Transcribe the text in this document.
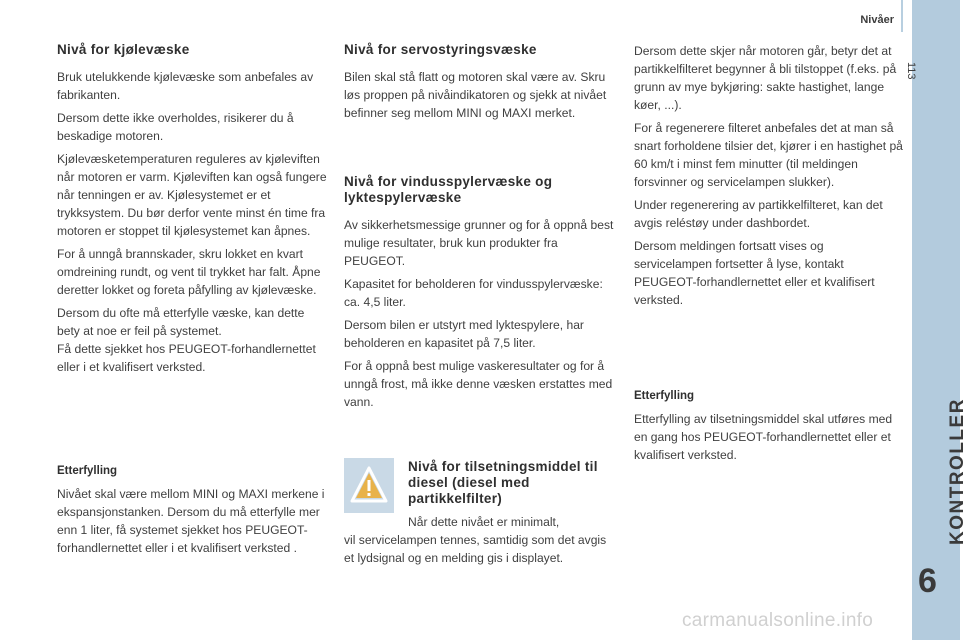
Nivåer
113
KONTROLLER
6
Nivå for kjølevæske
Bruk utelukkende kjølevæske som anbefales av fabrikanten.
Dersom dette ikke overholdes, risikerer du å beskadige motoren.
Kjølevæsketemperaturen reguleres av kjøleviften når motoren er varm. Kjøleviften kan også fungere når tenningen er av. Kjølesystemet er et trykksystem. Du bør derfor vente minst én time fra motoren er stoppet til kjølesystemet kan åpnes.
For å unngå brannskader, skru lokket en kvart omdreining rundt, og vent til trykket har falt. Åpne deretter lokket og foreta påfylling av kjølevæske.
Dersom du ofte må etterfylle væske, kan dette bety at noe er feil på systemet.
Få dette sjekket hos PEUGEOT-forhandlernettet eller i et kvalifisert verksted.
Etterfylling
Nivået skal være mellom MINI og MAXI merkene i ekspansjonstanken. Dersom du må etterfylle mer enn 1 liter, få systemet sjekket hos PEUGEOT-forhandlernettet eller i et kvalifisert verksted .
Nivå for servostyringsvæske
Bilen skal stå flatt og motoren skal være av. Skru løs proppen på nivåindikatoren og sjekk at nivået befinner seg mellom MINI og MAXI merket.
Nivå for vindusspylervæske og lyktespylervæske
Av sikkerhetsmessige grunner og for å oppnå best mulige resultater, bruk kun produkter fra PEUGEOT.
Kapasitet for beholderen for vindusspylervæske: ca. 4,5 liter.
Dersom bilen er utstyrt med lyktespylere, har beholderen en kapasitet på 7,5 liter.
For å oppnå best mulige vaskeresultater og for å unngå frost, må ikke denne væsken erstattes med vann.
Nivå for tilsetningsmiddel til diesel (diesel med partikkelfilter)
Når dette nivået er minimalt,
vil servicelampen tennes, samtidig som det avgis et lydsignal og en melding gis i displayet.
Dersom dette skjer når motoren går, betyr det at partikkelfilteret begynner å bli tilstoppet (f.eks. på grunn av mye bykjøring: sakte hastighet, lange køer, ...).
For å regenerere filteret anbefales det at man så snart forholdene tilsier det, kjører i en hastighet på 60 km/t i minst fem minutter (til meldingen forsvinner og servicelampen slukker).
Under regenerering av partikkelfilteret, kan det avgis reléstøy under dashbordet.
Dersom meldingen fortsatt vises og servicelampen fortsetter å lyse, kontakt PEUGEOT-forhandlernettet eller et kvalifisert verksted.
Etterfylling
Etterfylling av tilsetningsmiddel skal utføres med en gang hos PEUGEOT-forhandlernettet eller et kvalifisert verksted.
carmanualsonline.info
